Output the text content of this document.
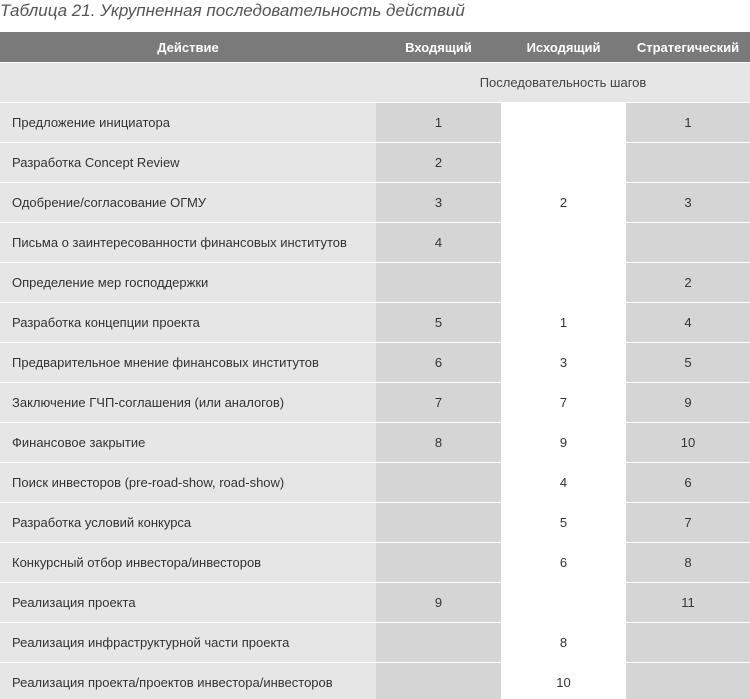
Таблица 21. Укрупненная последовательность действий
Действие	Входящий	Исходящий	Стратегический
	Последовательность шагов		
Предложение инициатора	1		1
Разработка Concept Review	2		
Одобрение/согласование ОГМУ	3	2	3
Письма о заинтересованности финансовых институтов	4		
Определение мер господдержки			2
Разработка концепции проекта	5	1	4
Предварительное мнение финансовых институтов	6	3	5
Заключение ГЧП-соглашения (или аналогов)	7	7	9
Финансовое закрытие	8	9	10
Поиск инвесторов (pre-road-show, road-show)		4	6
Разработка условий конкурса		5	7
Конкурсный отбор инвестора/инвесторов		6	8
Реализация проекта	9		11
Реализация инфраструктурной части проекта		8	
Реализация проекта/проектов инвестора/инвесторов		10	
